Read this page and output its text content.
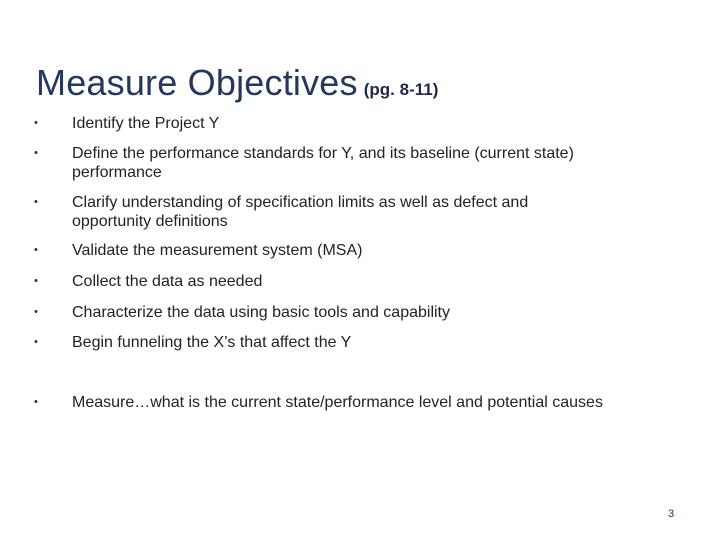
Measure Objectives (pg. 8-11)
• Identify the Project Y
• Define the performance standards for Y, and its baseline (current state) performance
• Clarify understanding of specification limits as well as defect and opportunity definitions
• Validate the measurement system (MSA)
• Collect the data as needed
• Characterize the data using basic tools and capability
• Begin funneling the X’s that affect the Y
• Measure…what is the current state/performance level and potential causes
3
